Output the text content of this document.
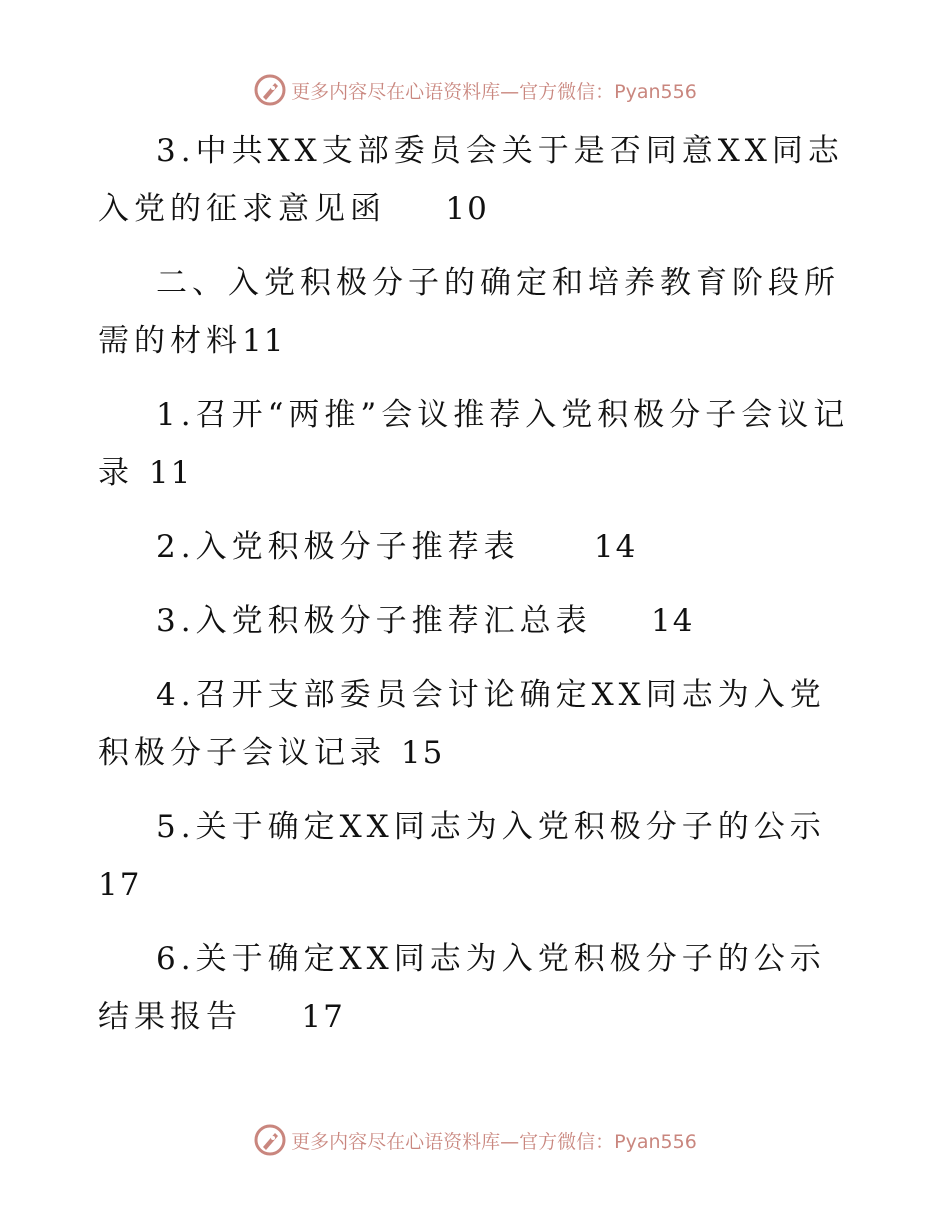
更多内容尽在心语资料库—官方微信：Pyan556

3.中共XX支部委员会关于是否同意XX同志入党的征求意见函 10

二、入党积极分子的确定和培养教育阶段所需的材料11

1.召开“两推”会议推荐入党积极分子会议记录 11

2.入党积极分子推荐表 14

3.入党积极分子推荐汇总表 14

4.召开支部委员会讨论确定XX同志为入党积极分子会议记录 15

5.关于确定XX同志为入党积极分子的公示   17

6.关于确定XX同志为入党积极分子的公示结果报告 17

更多内容尽在心语资料库—官方微信：Pyan556
